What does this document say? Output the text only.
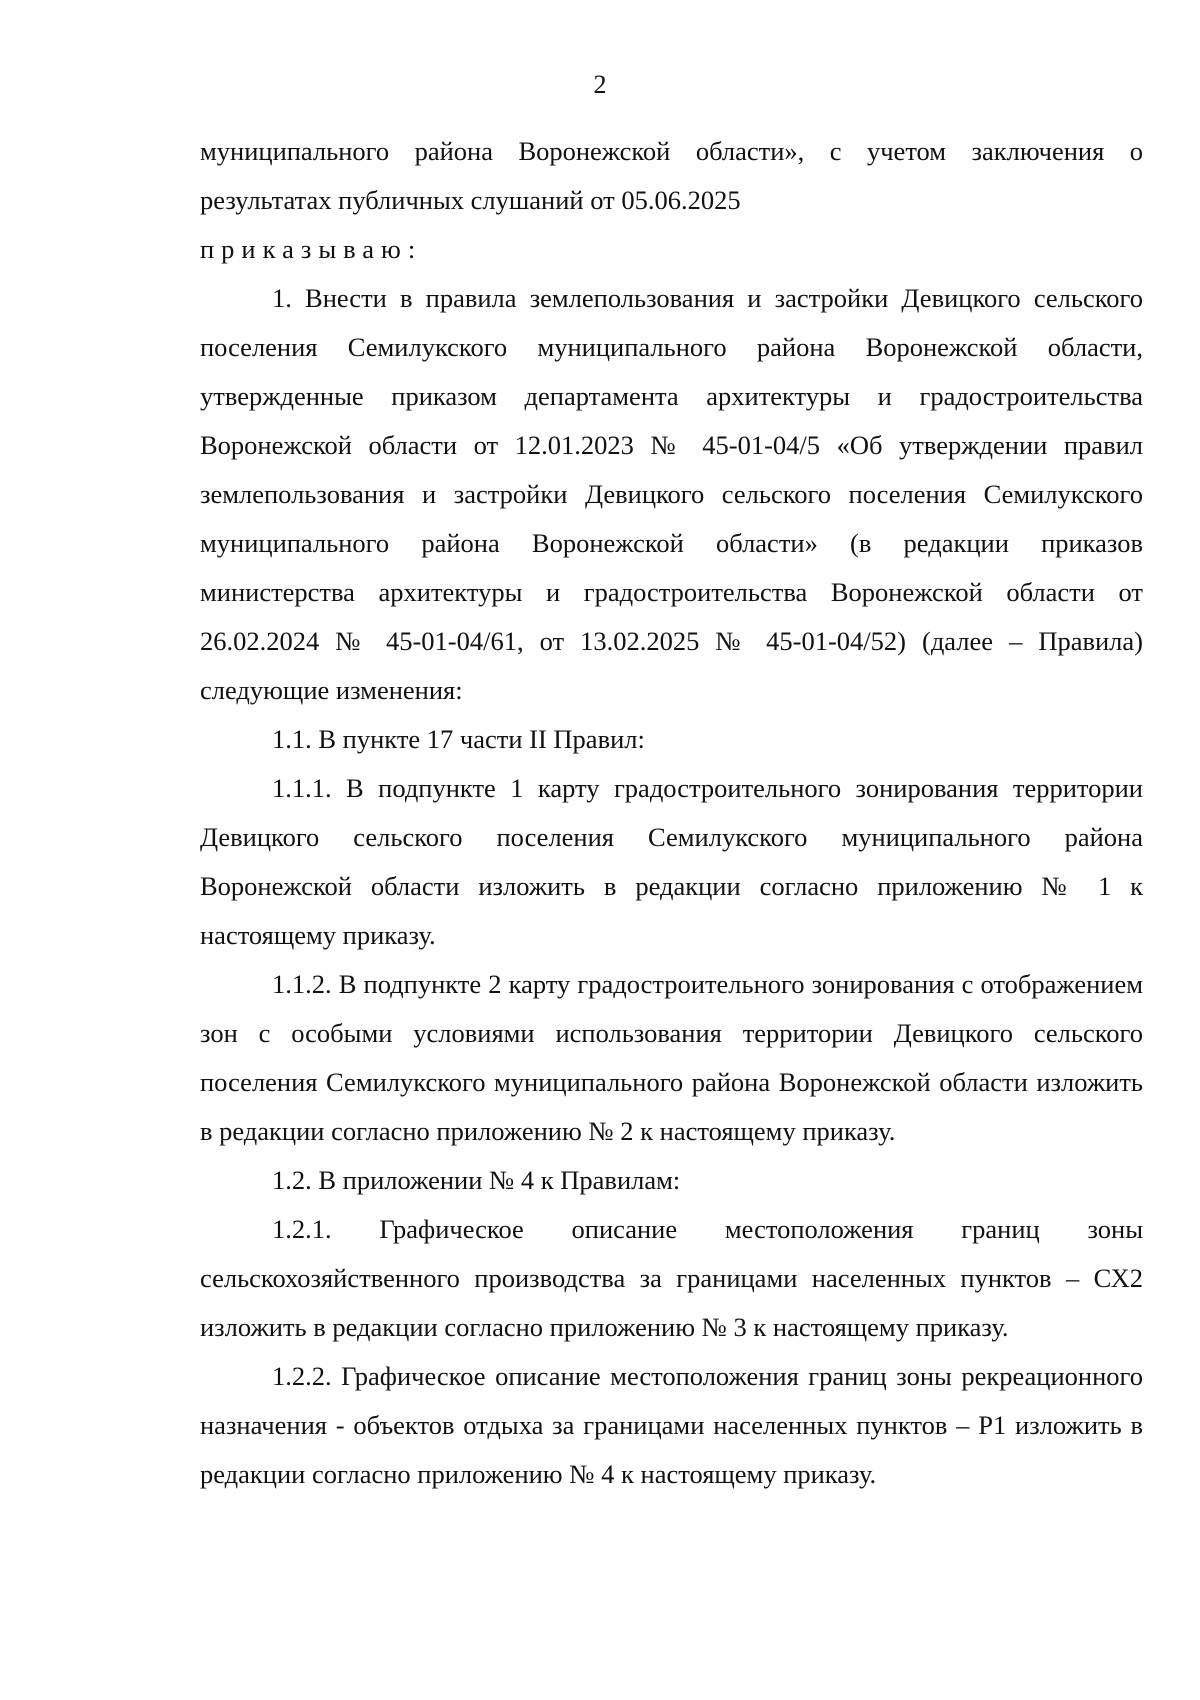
2

муниципального района Воронежской области», с учетом заключения о результатах публичных слушаний от 05.06.2025

приказываю:

1. Внести в правила землепользования и застройки Девицкого сельского поселения Семилукского муниципального района Воронежской области, утвержденные приказом департамента архитектуры и градостроительства Воронежской области от 12.01.2023 № 45-01-04/5 «Об утверждении правил землепользования и застройки Девицкого сельского поселения Семилукского муниципального района Воронежской области» (в редакции приказов министерства архитектуры и градостроительства Воронежской области от 26.02.2024 № 45-01-04/61, от 13.02.2025 № 45-01-04/52) (далее – Правила) следующие изменения:

1.1. В пункте 17 части II Правил:

1.1.1. В подпункте 1 карту градостроительного зонирования территории Девицкого сельского поселения Семилукского муниципального района Воронежской области изложить в редакции согласно приложению № 1 к настоящему приказу.

1.1.2. В подпункте 2 карту градостроительного зонирования с отображением зон с особыми условиями использования территории Девицкого сельского поселения Семилукского муниципального района Воронежской области изложить в редакции согласно приложению № 2 к настоящему приказу.

1.2. В приложении № 4 к Правилам:

1.2.1. Графическое описание местоположения границ зоны сельскохозяйственного производства за границами населенных пунктов – СХ2 изложить в редакции согласно приложению № 3 к настоящему приказу.

1.2.2. Графическое описание местоположения границ зоны рекреационного назначения - объектов отдыха за границами населенных пунктов – Р1 изложить в редакции согласно приложению № 4 к настоящему приказу.
